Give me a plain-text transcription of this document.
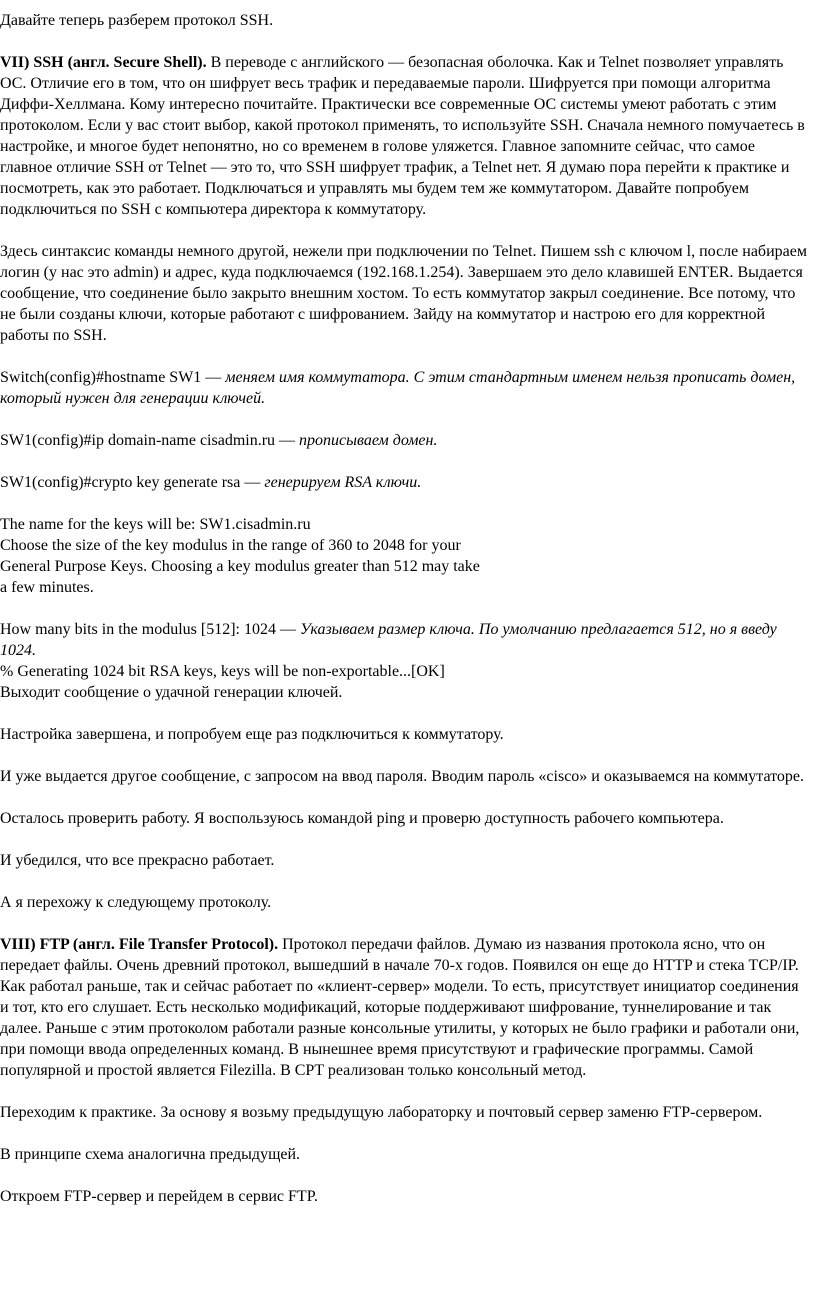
Давайте теперь разберем протокол SSH.

VII) SSH (англ. Secure Shell). В переводе с английского — безопасная оболочка. Как и Telnet позволяет управлять ОС. Отличие его в том, что он шифрует весь трафик и передаваемые пароли. Шифруется при помощи алгоритма Диффи-Хеллмана. Кому интересно почитайте. Практически все современные ОС системы умеют работать с этим протоколом. Если у вас стоит выбор, какой протокол применять, то используйте SSH. Сначала немного помучаетесь в настройке, и многое будет непонятно, но со временем в голове уляжется. Главное запомните сейчас, что самое главное отличие SSH от Telnet — это то, что SSH шифрует трафик, а Telnet нет. Я думаю пора перейти к практике и посмотреть, как это работает. Подключаться и управлять мы будем тем же коммутатором. Давайте попробуем подключиться по SSH с компьютера директора к коммутатору.

Здесь синтаксис команды немного другой, нежели при подключении по Telnet. Пишем ssh с ключом l, после набираем логин (у нас это admin) и адрес, куда подключаемся (192.168.1.254). Завершаем это дело клавишей ENTER. Выдается сообщение, что соединение было закрыто внешним хостом. То есть коммутатор закрыл соединение. Все потому, что не были созданы ключи, которые работают с шифрованием. Зайду на коммутатор и настрою его для корректной работы по SSH.

Switch(config)#hostname SW1 — меняем имя коммутатора. С этим стандартным именем нельзя прописать домен, который нужен для генерации ключей.

SW1(config)#ip domain-name cisadmin.ru — прописываем домен.

SW1(config)#crypto key generate rsa — генерируем RSA ключи.

The name for the keys will be: SW1.cisadmin.ru

Choose the size of the key modulus in the range of 360 to 2048 for your

General Purpose Keys. Choosing a key modulus greater than 512 may take

a few minutes.

How many bits in the modulus [512]: 1024 — Указываем размер ключа. По умолчанию предлагается 512, но я введу 1024.

% Generating 1024 bit RSA keys, keys will be non-exportable...[OK]

Выходит сообщение о удачной генерации ключей.

Настройка завершена, и попробуем еще раз подключиться к коммутатору.

И уже выдается другое сообщение, с запросом на ввод пароля. Вводим пароль «cisco» и оказываемся на коммутаторе.

Осталось проверить работу. Я воспользуюсь командой ping и проверю доступность рабочего компьютера.

И убедился, что все прекрасно работает.

А я перехожу к следующему протоколу.

VIII) FTP (англ. File Transfer Protocol). Протокол передачи файлов. Думаю из названия протокола ясно, что он передает файлы. Очень древний протокол, вышедший в начале 70-х годов. Появился он еще до HTTP и стека TCP/IP. Как работал раньше, так и сейчас работает по «клиент-сервер» модели. То есть, присутствует инициатор соединения и тот, кто его слушает. Есть несколько модификаций, которые поддерживают шифрование, туннелирование и так далее. Раньше с этим протоколом работали разные консольные утилиты, у которых не было графики и работали они, при помощи ввода определенных команд. В нынешнее время присутствуют и графические программы. Самой популярной и простой является Filezilla. В CPT реализован только консольный метод.

Переходим к практике. За основу я возьму предыдущую лабораторку и почтовый сервер заменю FTP-сервером.

В принципе схема аналогична предыдущей.

Откроем FTP-сервер и перейдем в сервис FTP.
